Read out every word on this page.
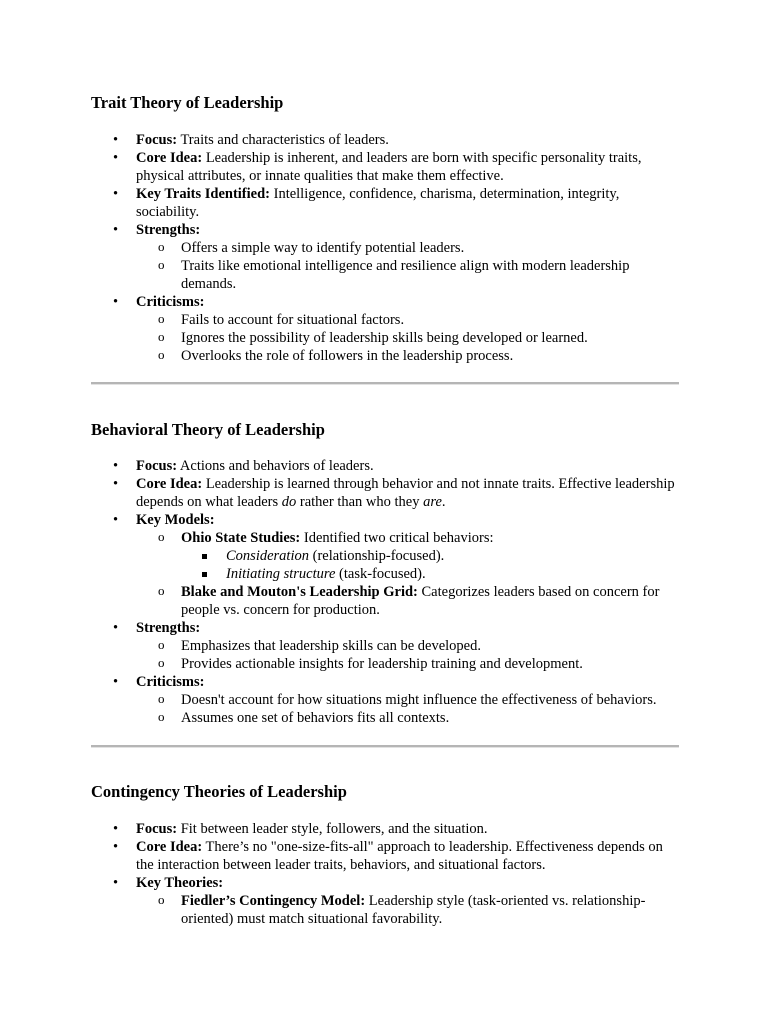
Trait Theory of Leadership
• Focus: Traits and characteristics of leaders.
• Core Idea: Leadership is inherent, and leaders are born with specific personality traits, physical attributes, or innate qualities that make them effective.
• Key Traits Identified: Intelligence, confidence, charisma, determination, integrity, sociability.
• Strengths:
o Offers a simple way to identify potential leaders.
o Traits like emotional intelligence and resilience align with modern leadership demands.
• Criticisms:
o Fails to account for situational factors.
o Ignores the possibility of leadership skills being developed or learned.
o Overlooks the role of followers in the leadership process.
Behavioral Theory of Leadership
• Focus: Actions and behaviors of leaders.
• Core Idea: Leadership is learned through behavior and not innate traits. Effective leadership depends on what leaders do rather than who they are.
• Key Models:
o Ohio State Studies: Identified two critical behaviors:
Consideration (relationship-focused).
Initiating structure (task-focused).
o Blake and Mouton's Leadership Grid: Categorizes leaders based on concern for people vs. concern for production.
• Strengths:
o Emphasizes that leadership skills can be developed.
o Provides actionable insights for leadership training and development.
• Criticisms:
o Doesn't account for how situations might influence the effectiveness of behaviors.
o Assumes one set of behaviors fits all contexts.
Contingency Theories of Leadership
• Focus: Fit between leader style, followers, and the situation.
• Core Idea: There’s no "one-size-fits-all" approach to leadership. Effectiveness depends on the interaction between leader traits, behaviors, and situational factors.
• Key Theories:
o Fiedler’s Contingency Model: Leadership style (task-oriented vs. relationship-oriented) must match situational favorability.
